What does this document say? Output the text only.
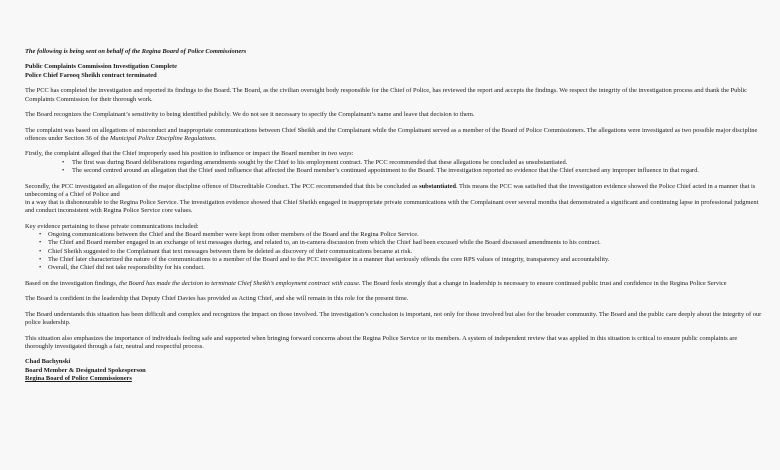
The following is being sent on behalf of the Regina Board of Police Commissioners

Public Complaints Commission Investigation Complete
Police Chief Farooq Sheikh contract terminated

The PCC has completed the investigation and reported its findings to the Board. The Board, as the civilian oversight body responsible for the Chief of Police, has reviewed the report and accepts the findings. We respect the integrity of the investigation process and thank the Public Complaints Commission for their thorough work.

The Board recognizes the Complainant’s sensitivity to being identified publicly. We do not see it necessary to specify the Complainant’s name and leave that decision to them.

The complaint was based on allegations of misconduct and inappropriate communications between Chief Sheikh and the Complainant while the Complainant served as a member of the Board of Police Commissioners. The allegations were investigated as two possible major discipline offences under Section 36 of the Municipal Police Discipline Regulations.

Firstly, the complaint alleged that the Chief improperly used his position to influence or impact the Board member in two ways:

• The first was during Board deliberations regarding amendments sought by the Chief to his employment contract. The PCC recommended that these allegations be concluded as unsubstantiated.
• The second centred around an allegation that the Chief used influence that affected the Board member’s continued appointment to the Board. The investigation reported no evidence that the Chief exercised any improper influence in that regard.

Secondly, the PCC investigated an allegation of the major discipline offence of Discreditable Conduct. The PCC recommended that this be concluded as substantiated. This means the PCC was satisfied that the investigation evidence showed the Police Chief acted in a manner that is unbecoming of a Chief of Police and
in a way that is dishonourable to the Regina Police Service. The investigation evidence showed that Chief Sheikh engaged in inappropriate private communications with the Complainant over several months that demonstrated a significant and continuing lapse in professional judgment and conduct inconsistent with Regina Police Service core values.

Key evidence pertaining to these private communications included:

• Ongoing communications between the Chief and the Board member were kept from other members of the Board and the Regina Police Service.
• The Chief and Board member engaged in an exchange of text messages during, and related to, an in-camera discussion from which the Chief had been excused while the Board discussed amendments to his contract.
• Chief Sheikh suggested to the Complainant that text messages between them be deleted as discovery of their communications became at risk.
• The Chief later characterized the nature of the communications to a member of the Board and to the PCC investigator in a manner that seriously offends the core RPS values of integrity, transparency and accountability.
• Overall, the Chief did not take responsibility for his conduct.

Based on the investigation findings, the Board has made the decision to terminate Chief Sheikh’s employment contract with cause. The Board feels strongly that a change in leadership is necessary to ensure continued public trust and confidence in the Regina Police Service

The Board is confident in the leadership that Deputy Chief Davies has provided as Acting Chief, and she will remain in this role for the present time.

The Board understands this situation has been difficult and complex and recognizes the impact on those involved. The investigation’s conclusion is important, not only for those involved but also for the broader community. The Board and the public care deeply about the integrity of our police leadership.

This situation also emphasizes the importance of individuals feeling safe and supported when bringing forward concerns about the Regina Police Service or its members. A system of independent review that was applied in this situation is critical to ensure public complaints are thoroughly investigated through a fair, neutral and respectful process.

Chad Bachynski
Board Member & Designated Spokesperson
Regina Board of Police Commissioners
